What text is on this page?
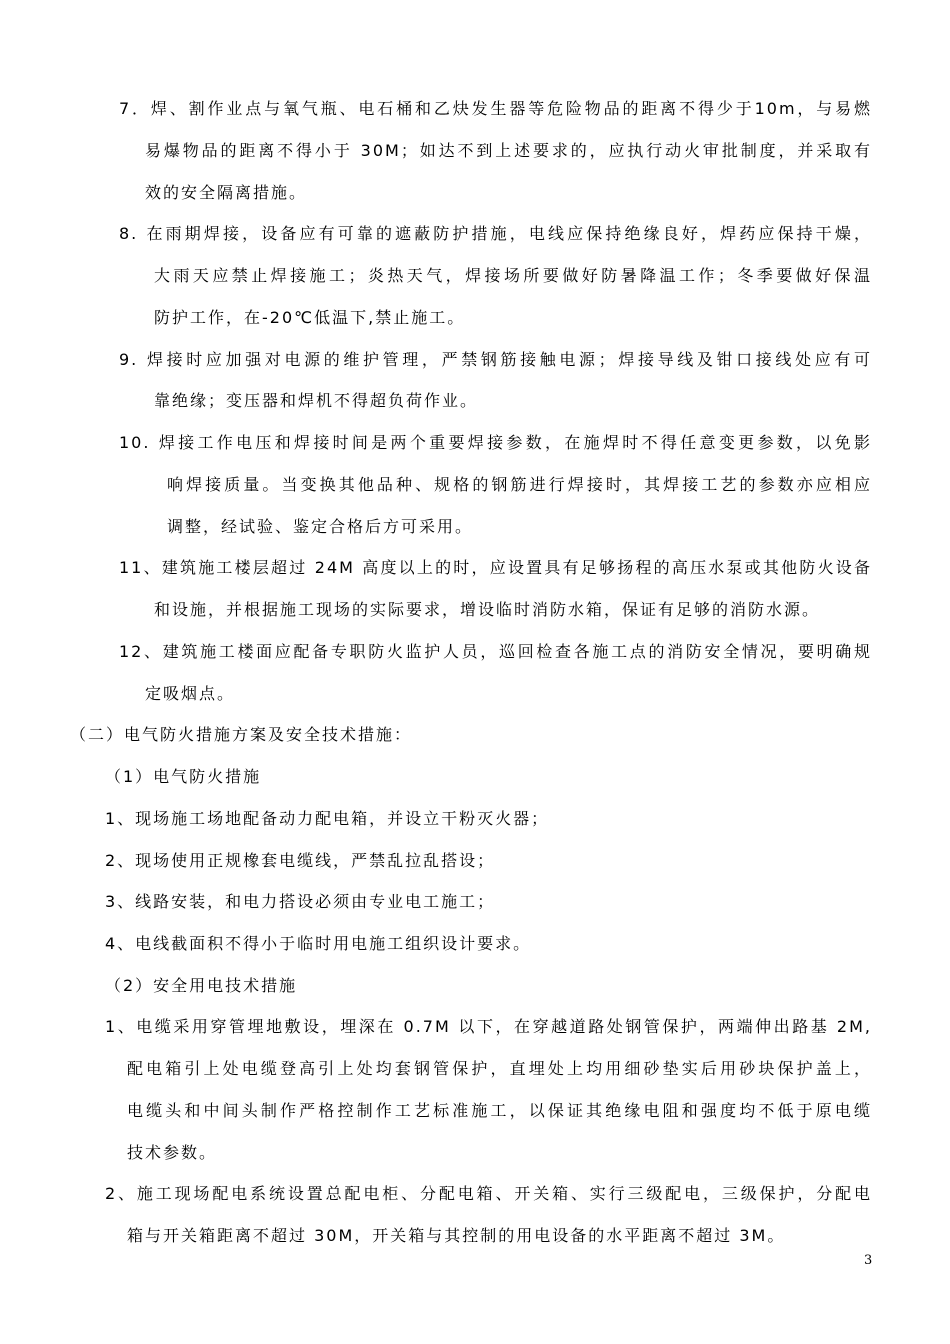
7．焊、割作业点与氧气瓶、电石桶和乙炔发生器等危险物品的距离不得少于10m，与易燃
易爆物品的距离不得小于 30M；如达不到上述要求的，应执行动火审批制度，并采取有
效的安全隔离措施。
8. 在雨期焊接，设备应有可靠的遮蔽防护措施，电线应保持绝缘良好，焊药应保持干燥，
大雨天应禁止焊接施工；炎热天气，焊接场所要做好防暑降温工作；冬季要做好保温
防护工作，在-20℃低温下,禁止施工。
9. 焊接时应加强对电源的维护管理，严禁钢筋接触电源；焊接导线及钳口接线处应有可
靠绝缘；变压器和焊机不得超负荷作业。
10. 焊接工作电压和焊接时间是两个重要焊接参数，在施焊时不得任意变更参数，以免影
响焊接质量。当变换其他品种、规格的钢筋进行焊接时，其焊接工艺的参数亦应相应
调整，经试验、鉴定合格后方可采用。
11、建筑施工楼层超过 24M 高度以上的时，应设置具有足够扬程的高压水泵或其他防火设备
和设施，并根据施工现场的实际要求，增设临时消防水箱，保证有足够的消防水源。
12、建筑施工楼面应配备专职防火监护人员，巡回检查各施工点的消防安全情况，要明确规
定吸烟点。
（二）电气防火措施方案及安全技术措施：
（1）电气防火措施
1、现场施工场地配备动力配电箱，并设立干粉灭火器；
2、现场使用正规橡套电缆线，严禁乱拉乱搭设；
3、线路安装，和电力搭设必须由专业电工施工；
4、电线截面积不得小于临时用电施工组织设计要求。
（2）安全用电技术措施
1、电缆采用穿管埋地敷设，埋深在 0.7M 以下，在穿越道路处钢管保护，两端伸出路基 2M,
配电箱引上处电缆登高引上处均套钢管保护，直埋处上均用细砂垫实后用砂块保护盖上，
电缆头和中间头制作严格控制作工艺标准施工，以保证其绝缘电阻和强度均不低于原电缆
技术参数。
2、施工现场配电系统设置总配电柜、分配电箱、开关箱、实行三级配电，三级保护，分配电
箱与开关箱距离不超过 30M，开关箱与其控制的用电设备的水平距离不超过 3M。
3
